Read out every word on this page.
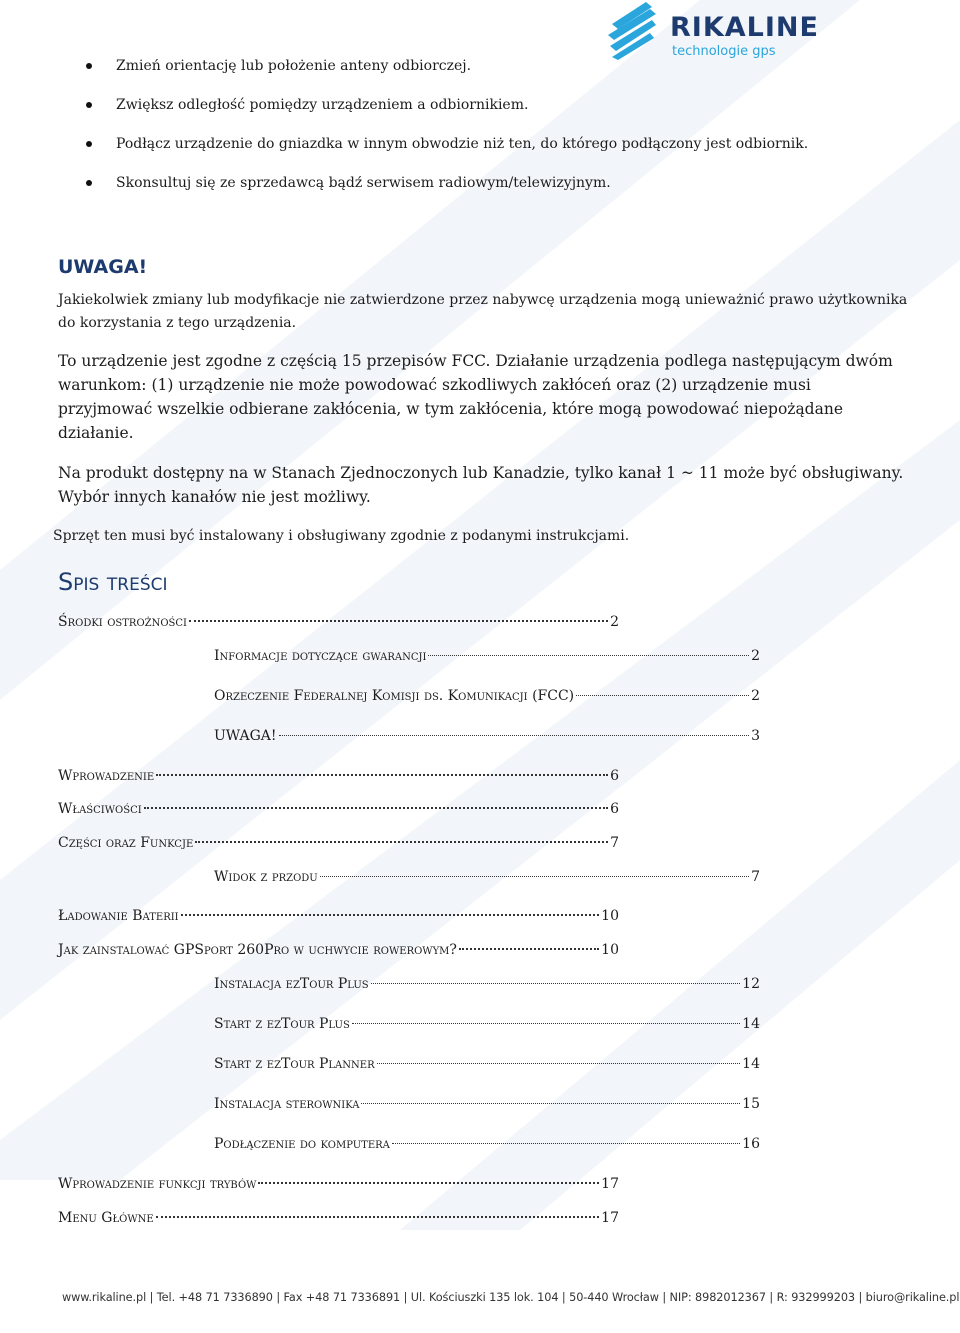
RIKALINE
technologie gps
Zmień orientację lub położenie anteny odbiorczej.
Zwiększ odległość pomiędzy urządzeniem a odbiornikiem.
Podłącz urządzenie do gniazdka w innym obwodzie niż ten, do którego podłączony jest odbiornik.
Skonsultuj się ze sprzedawcą bądź serwisem radiowym/telewizyjnym.
UWAGA!
Jakiekolwiek zmiany lub modyfikacje nie zatwierdzone przez nabywcę urządzenia mogą unieważnić prawo użytkownika do korzystania z tego urządzenia.
To urządzenie jest zgodne z częścią 15 przepisów FCC. Działanie urządzenia podlega następującym dwóm warunkom: (1) urządzenie nie może powodować szkodliwych zakłóceń oraz (2) urządzenie musi przyjmować wszelkie odbierane zakłócenia, w tym zakłócenia, które mogą powodować niepożądane działanie.
Na produkt dostępny na w Stanach Zjednoczonych lub Kanadzie, tylko kanał 1 ~ 11 może być obsługiwany. Wybór innych kanałów nie jest możliwy.
Sprzęt ten musi być instalowany i obsługiwany zgodnie z podanymi instrukcjami.
Spis treści
Środki ostrożności	2
Informacje dotyczące gwarancji	2
Orzeczenie Federalnej Komisji ds. Komunikacji (FCC)	2
UWAGA!	3
Wprowadzenie	6
Właściwości	6
Części oraz Funkcje	7
Widok z przodu	7
Ładowanie Baterii	10
Jak zainstalować GPSport 260Pro w uchwycie rowerowym?	10
Instalacja ezTour Plus	12
Start z ezTour Plus	14
Start z ezTour Planner	14
Instalacja sterownika	15
Podłączenie do komputera	16
Wprowadzenie funkcji trybów	17
Menu Główne	17
www.rikaline.pl | Tel. +48 71 7336890 | Fax +48 71 7336891 | Ul. Kościuszki 135 lok. 104 | 50-440 Wrocław | NIP: 8982012367 | R: 932999203 | biuro@rikaline.pl
